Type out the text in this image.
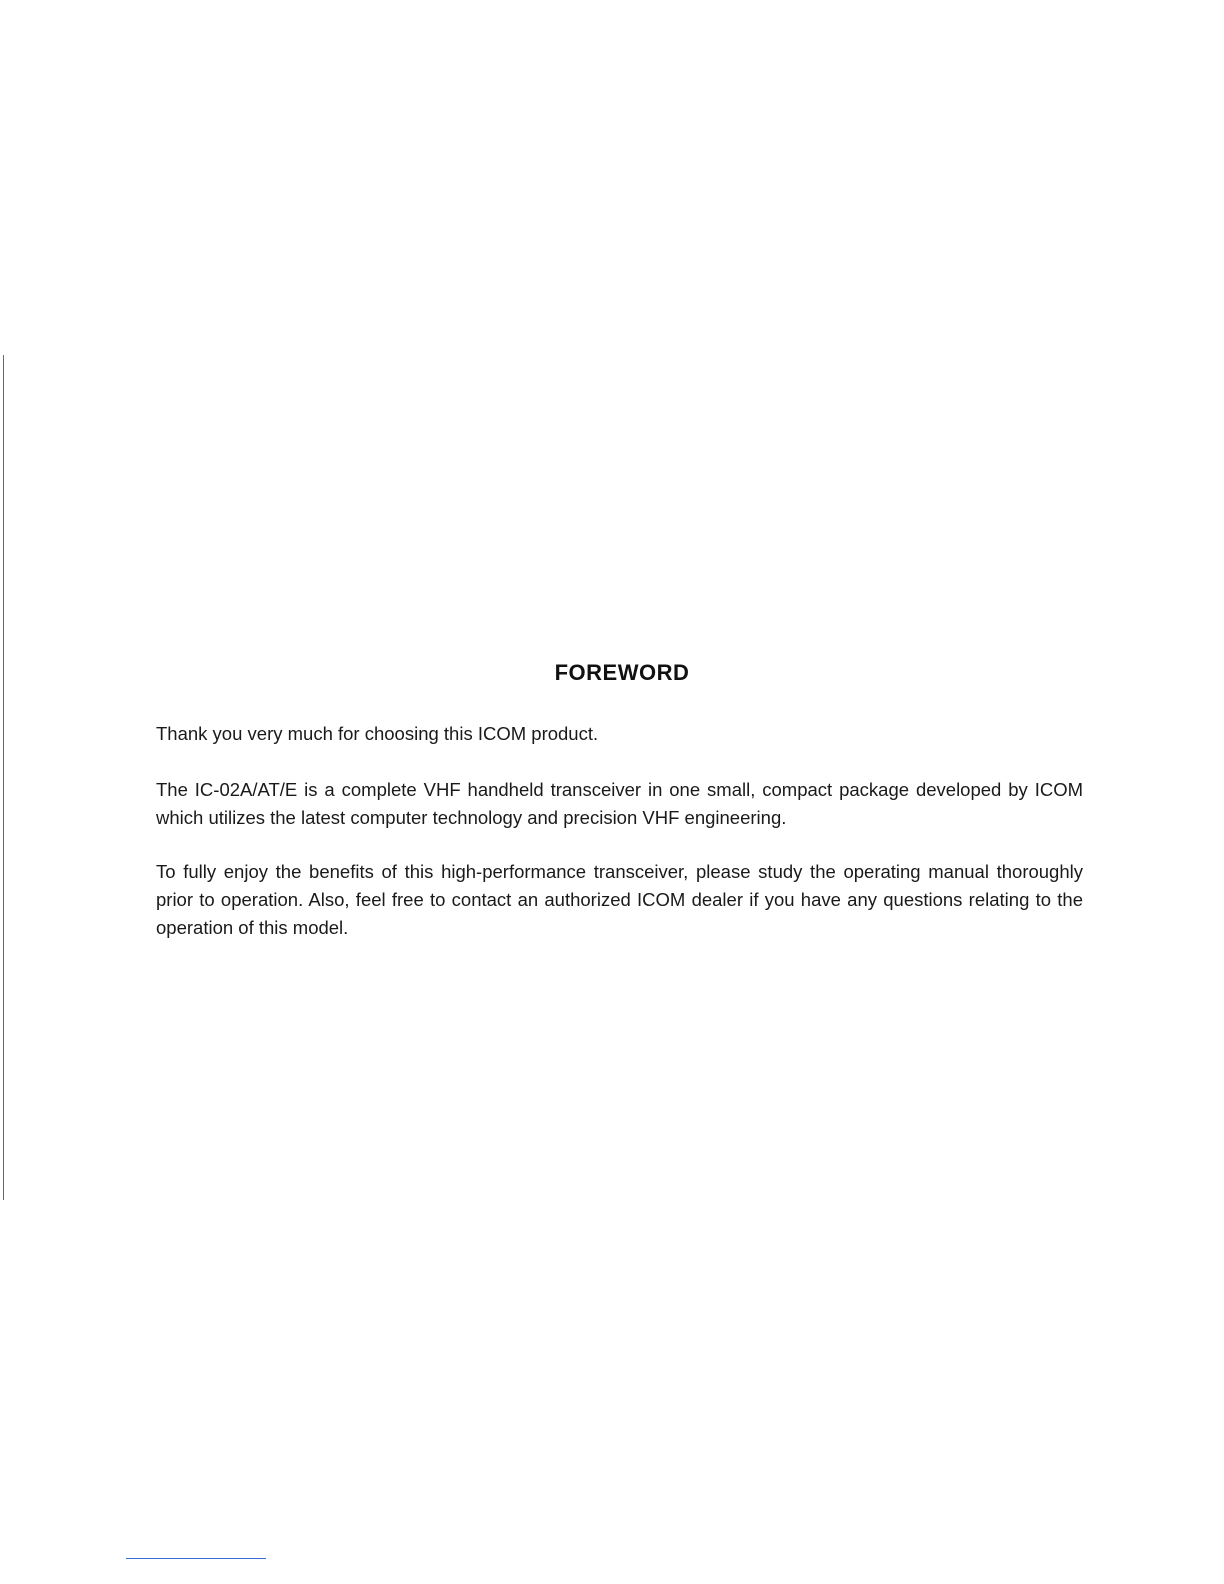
FOREWORD

Thank you very much for choosing this ICOM product.

The IC-02A/AT/E is a complete VHF handheld transceiver in one small, compact package developed by ICOM which utilizes the latest computer technology and precision VHF engineering.

To fully enjoy the benefits of this high-performance transceiver, please study the operating manual thoroughly prior to operation. Also, feel free to contact an authorized ICOM dealer if you have any questions relating to the operation of this model.
